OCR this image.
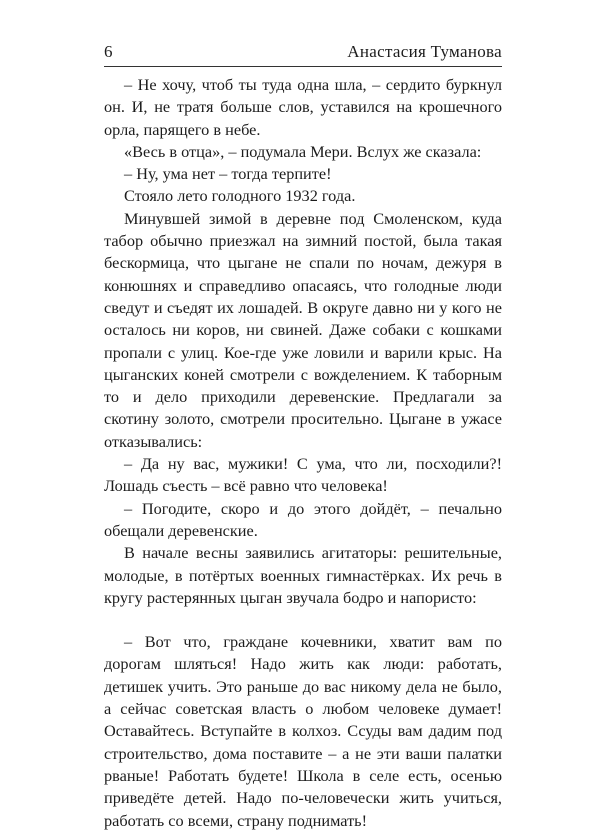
6	Анастасия Туманова

– Не хочу, чтоб ты туда одна шла, – сердито буркнул он. И, не тратя больше слов, уставился на крошечного орла, парящего в небе.

«Весь в отца», – подумала Мери. Вслух же сказала:

– Ну, ума нет – тогда терпите!

Стояло лето голодного 1932 года.

Минувшей зимой в деревне под Смоленском, куда табор обычно приезжал на зимний постой, была такая бескормица, что цыгане не спали по ночам, дежуря в конюшнях и справедливо опасаясь, что голодные люди сведут и съедят их лошадей. В округе давно ни у кого не осталось ни коров, ни свиней. Даже собаки с кошками пропали с улиц. Кое-где уже ловили и варили крыс. На цыганских коней смотрели с вожделением. К таборным то и дело приходили деревенские. Предлагали за скотину золото, смотрели просительно. Цыгане в ужасе отказывались:

– Да ну вас, мужики! С ума, что ли, посходили?! Лошадь съесть – всё равно что человека!

– Погодите, скоро и до этого дойдёт, – печально обещали деревенские.

В начале весны заявились агитаторы: решительные, молодые, в потёртых военных гимнастёрках. Их речь в кругу растерянных цыган звучала бодро и напористо:

– Вот что, граждане кочевники, хватит вам по дорогам шляться! Надо жить как люди: работать, детишек учить. Это раньше до вас никому дела не было, а сейчас советская власть о любом человеке думает! Оставайтесь. Вступайте в колхоз. Ссуды вам дадим под строительство, дома поставите – а не эти ваши палатки рваные! Работать будете! Школа в селе есть, осенью приведёте детей. Надо по-человечески жить учиться, работать со всеми, страну поднимать!
